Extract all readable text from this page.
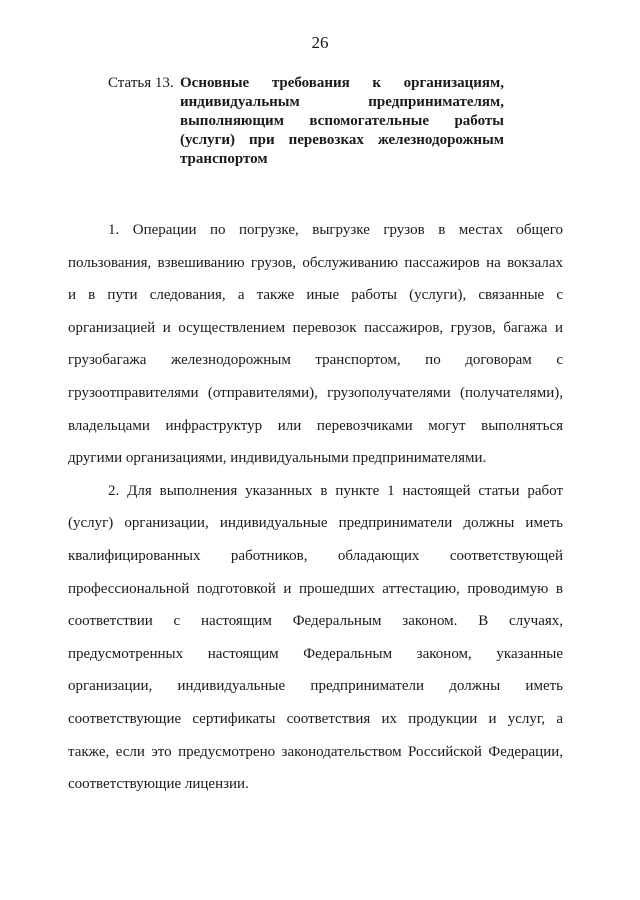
26
Статья 13. Основные требования к организациям,
индивидуальным предпринимателям,
выполняющим вспомогательные работы
(услуги) при перевозках железнодорожным
транспортом
1. Операции по погрузке, выгрузке грузов в местах общего
пользования, взвешиванию грузов, обслуживанию пассажиров на вокзалах
и в пути следования, а также иные работы (услуги), связанные с
организацией и осуществлением перевозок пассажиров, грузов, багажа и
грузобагажа железнодорожным транспортом, по договорам с
грузоотправителями (отправителями), грузополучателями (получателями),
владельцами инфраструктур или перевозчиками могут выполняться
другими организациями, индивидуальными предпринимателями.
2. Для выполнения указанных в пункте 1 настоящей статьи работ
(услуг) организации, индивидуальные предприниматели должны иметь
квалифицированных работников, обладающих соответствующей
профессиональной подготовкой и прошедших аттестацию, проводимую в
соответствии с настоящим Федеральным законом. В случаях,
предусмотренных настоящим Федеральным законом, указанные
организации, индивидуальные предприниматели должны иметь
соответствующие сертификаты соответствия их продукции и услуг, а
также, если это предусмотрено законодательством Российской Федерации,
соответствующие лицензии.
